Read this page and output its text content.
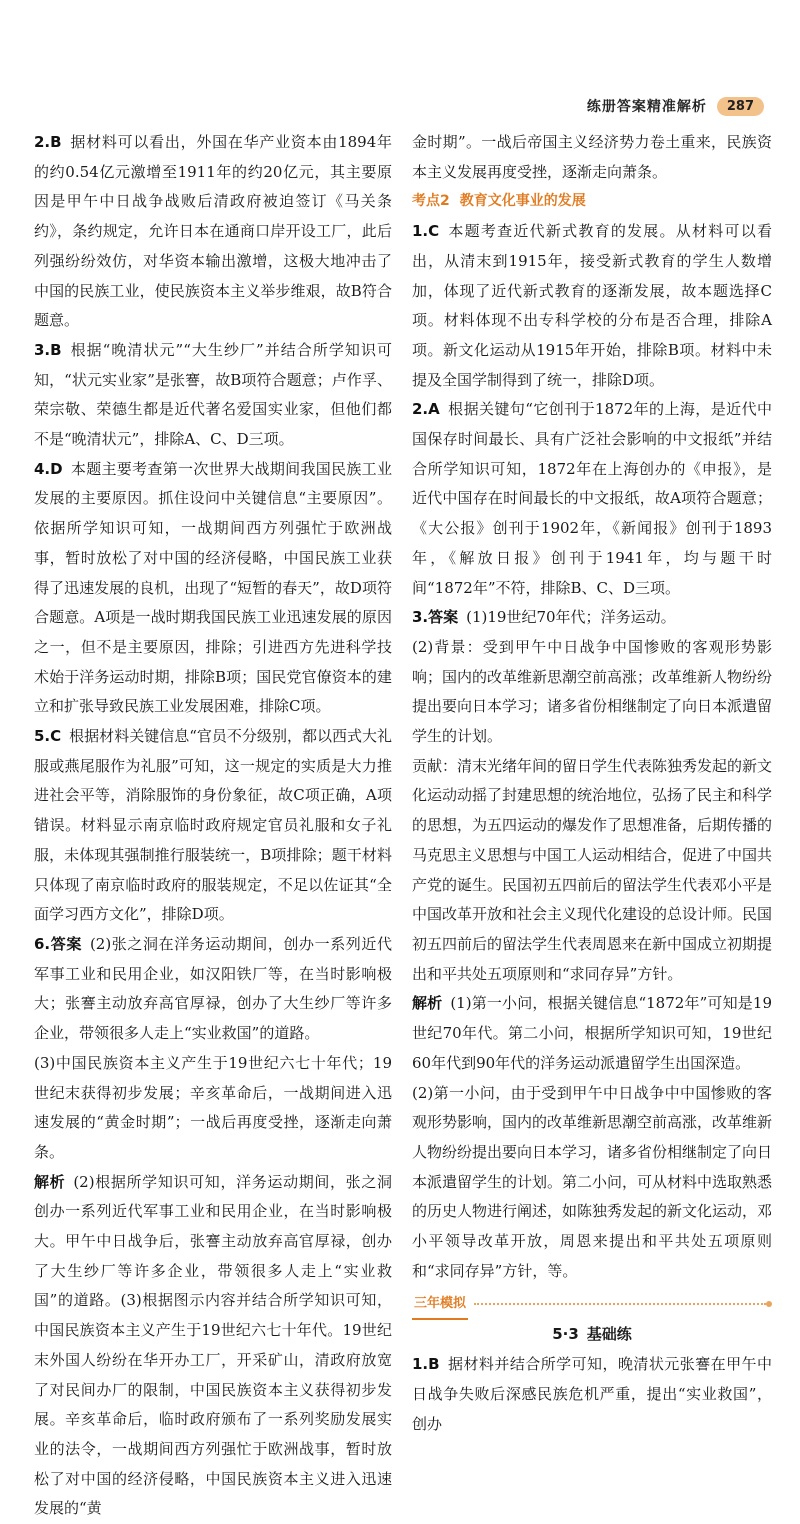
练册答案精准解析	287

2.B 据材料可以看出，外国在华产业资本由1894年的约0.54亿元激增至1911年的约20亿元，其主要原因是甲午中日战争战败后清政府被迫签订《马关条约》，条约规定，允许日本在通商口岸开设工厂，此后列强纷纷效仿，对华资本输出激增，这极大地冲击了中国的民族工业，使民族资本主义举步维艰，故B符合题意。

3.B 根据“晚清状元”“大生纱厂”并结合所学知识可知，“状元实业家”是张謇，故B项符合题意；卢作孚、荣宗敬、荣德生都是近代著名爱国实业家，但他们都不是“晚清状元”，排除A、C、D三项。

4.D 本题主要考查第一次世界大战期间我国民族工业发展的主要原因。抓住设问中关键信息“主要原因”。依据所学知识可知，一战期间西方列强忙于欧洲战事，暂时放松了对中国的经济侵略，中国民族工业获得了迅速发展的良机，出现了“短暂的春天”，故D项符合题意。A项是一战时期我国民族工业迅速发展的原因之一，但不是主要原因，排除；引进西方先进科学技术始于洋务运动时期，排除B项；国民党官僚资本的建立和扩张导致民族工业发展困难，排除C项。

5.C 根据材料关键信息“官员不分级别，都以西式大礼服或燕尾服作为礼服”可知，这一规定的实质是大力推进社会平等，消除服饰的身份象征，故C项正确，A项错误。材料显示南京临时政府规定官员礼服和女子礼服，未体现其强制推行服装统一，B项排除；题干材料只体现了南京临时政府的服装规定，不足以佐证其“全面学习西方文化”，排除D项。

6.答案 (2)张之洞在洋务运动期间，创办一系列近代军事工业和民用企业，如汉阳铁厂等，在当时影响极大；张謇主动放弃高官厚禄，创办了大生纱厂等许多企业，带领很多人走上“实业救国”的道路。

(3)中国民族资本主义产生于19世纪六七十年代；19世纪末获得初步发展；辛亥革命后，一战期间进入迅速发展的“黄金时期”；一战后再度受挫，逐渐走向萧条。

解析 (2)根据所学知识可知，洋务运动期间，张之洞创办一系列近代军事工业和民用企业，在当时影响极大。甲午中日战争后，张謇主动放弃高官厚禄，创办了大生纱厂等许多企业，带领很多人走上“实业救国”的道路。(3)根据图示内容并结合所学知识可知，中国民族资本主义产生于19世纪六七十年代。19世纪末外国人纷纷在华开办工厂，开采矿山，清政府放宽了对民间办厂的限制，中国民族资本主义获得初步发展。辛亥革命后，临时政府颁布了一系列奖励发展实业的法令，一战期间西方列强忙于欧洲战事，暂时放松了对中国的经济侵略，中国民族资本主义进入迅速发展的“黄

金时期”。一战后帝国主义经济势力卷土重来，民族资本主义发展再度受挫，逐渐走向萧条。

考点2 教育文化事业的发展

1.C 本题考查近代新式教育的发展。从材料可以看出，从清末到1915年，接受新式教育的学生人数增加，体现了近代新式教育的逐渐发展，故本题选择C项。材料体现不出专科学校的分布是否合理，排除A项。新文化运动从1915年开始，排除B项。材料中未提及全国学制得到了统一，排除D项。

2.A 根据关键句“它创刊于1872年的上海，是近代中国保存时间最长、具有广泛社会影响的中文报纸”并结合所学知识可知，1872年在上海创办的《申报》，是近代中国存在时间最长的中文报纸，故A项符合题意；《大公报》创刊于1902年，《新闻报》创刊于1893年，《解放日报》创刊于1941年，均与题干时间“1872年”不符，排除B、C、D三项。

3.答案 (1)19世纪70年代；洋务运动。

(2)背景：受到甲午中日战争中国惨败的客观形势影响；国内的改革维新思潮空前高涨；改革维新人物纷纷提出要向日本学习；诸多省份相继制定了向日本派遣留学生的计划。

贡献：清末光绪年间的留日学生代表陈独秀发起的新文化运动动摇了封建思想的统治地位，弘扬了民主和科学的思想，为五四运动的爆发作了思想准备，后期传播的马克思主义思想与中国工人运动相结合，促进了中国共产党的诞生。民国初五四前后的留法学生代表邓小平是中国改革开放和社会主义现代化建设的总设计师。民国初五四前后的留法学生代表周恩来在新中国成立初期提出和平共处五项原则和“求同存异”方针。

解析 (1)第一小问，根据关键信息“1872年”可知是19世纪70年代。第二小问，根据所学知识可知，19世纪60年代到90年代的洋务运动派遣留学生出国深造。

(2)第一小问，由于受到甲午中日战争中中国惨败的客观形势影响，国内的改革维新思潮空前高涨，改革维新人物纷纷提出要向日本学习，诸多省份相继制定了向日本派遣留学生的计划。第二小问，可从材料中选取熟悉的历史人物进行阐述，如陈独秀发起的新文化运动，邓小平领导改革开放，周恩来提出和平共处五项原则和“求同存异”方针，等。

三年模拟

5·3 基础练

1.B 据材料并结合所学可知，晚清状元张謇在甲午中日战争失败后深感民族危机严重，提出“实业救国”，创办
